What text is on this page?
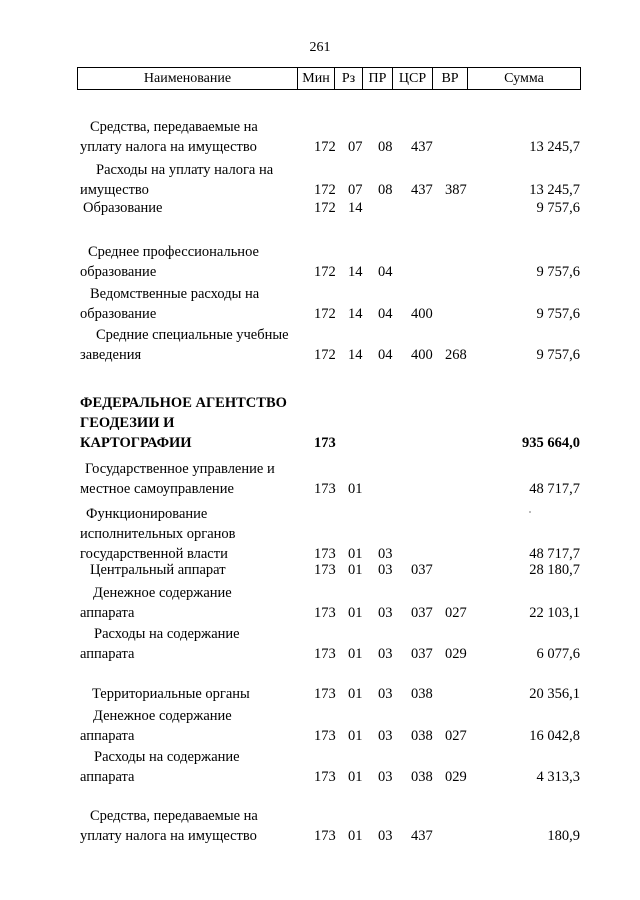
261
Наименование	Мин Рз ПР ЦСР	ВР	Сумма
Средства, передаваемые на
уплату налога на имущество	172 07 08 437	13 245,7
Расходы на уплату налога на
имущество	172 07 08 437 387	13 245,7
Образование	172 14	9 757,6
Среднее профессиональное
образование	172 14 04	9 757,6
Ведомственные расходы на
образование	172 14 04 400	9 757,6
Средние специальные учебные
заведения	172 14 04 400 268	9 757,6
ФЕДЕРАЛЬНОЕ АГЕНТСТВО
ГЕОДЕЗИИ И
КАРТОГРАФИИ	173	935 664,0
Государственное управление и
местное самоуправление	173 01	48 717,7
Функционирование
исполнительных органов
государственной власти	173 01 03	48 717,7
Центральный аппарат	173 01 03 037	28 180,7
Денежное содержание
аппарата	173 01 03 037 027	22 103,1
Расходы на содержание
аппарата	173 01 03 037 029	6 077,6
Территориальные органы	173 01 03 038	20 356,1
Денежное содержание
аппарата	173 01 03 038 027	16 042,8
Расходы на содержание
аппарата	173 01 03 038 029	4 313,3
Средства, передаваемые на
уплату налога на имущество	173 01 03 437	180,9
